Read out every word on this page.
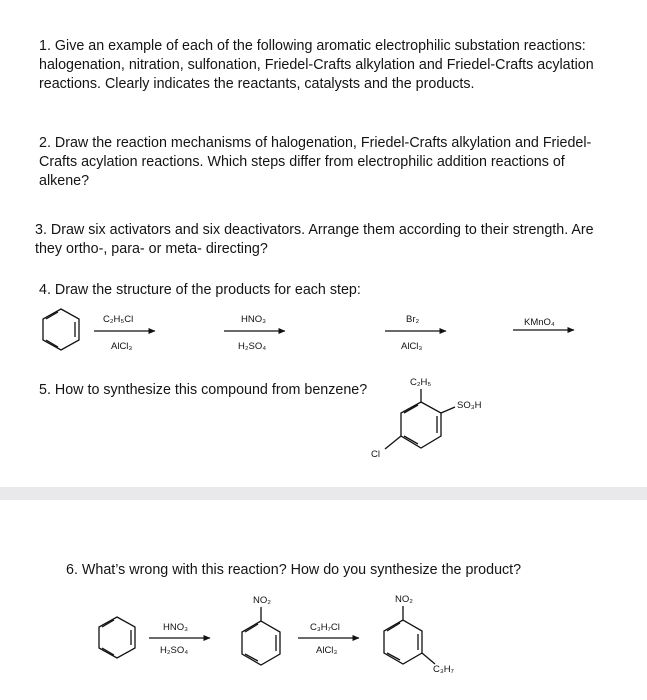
1. Give an example of each of the following aromatic electrophilic substation reactions: halogenation, nitration, sulfonation, Friedel-Crafts alkylation and Friedel-Crafts acylation reactions. Clearly indicates the reactants, catalysts and the products.
2. Draw the reaction mechanisms of halogenation, Friedel-Crafts alkylation and Friedel-Crafts acylation reactions. Which steps differ from electrophilic addition reactions of alkene?
3. Draw six activators and six deactivators. Arrange them according to their strength. Are they ortho-, para- or meta- directing?
4. Draw the structure of the products for each step:
5. How to synthesize this compound from benzene?
6. What’s wrong with this reaction? How do you synthesize the product?
C₂H₅Cl
AlCl₃
HNO₃
H₂SO₄
Br₂
AlCl₃
KMnO₄
C₂H₅
SO₃H
Cl
HNO₃
H₂SO₄
NO₂
C₃H₇Cl
AlCl₃
NO₂
C₃H₇
